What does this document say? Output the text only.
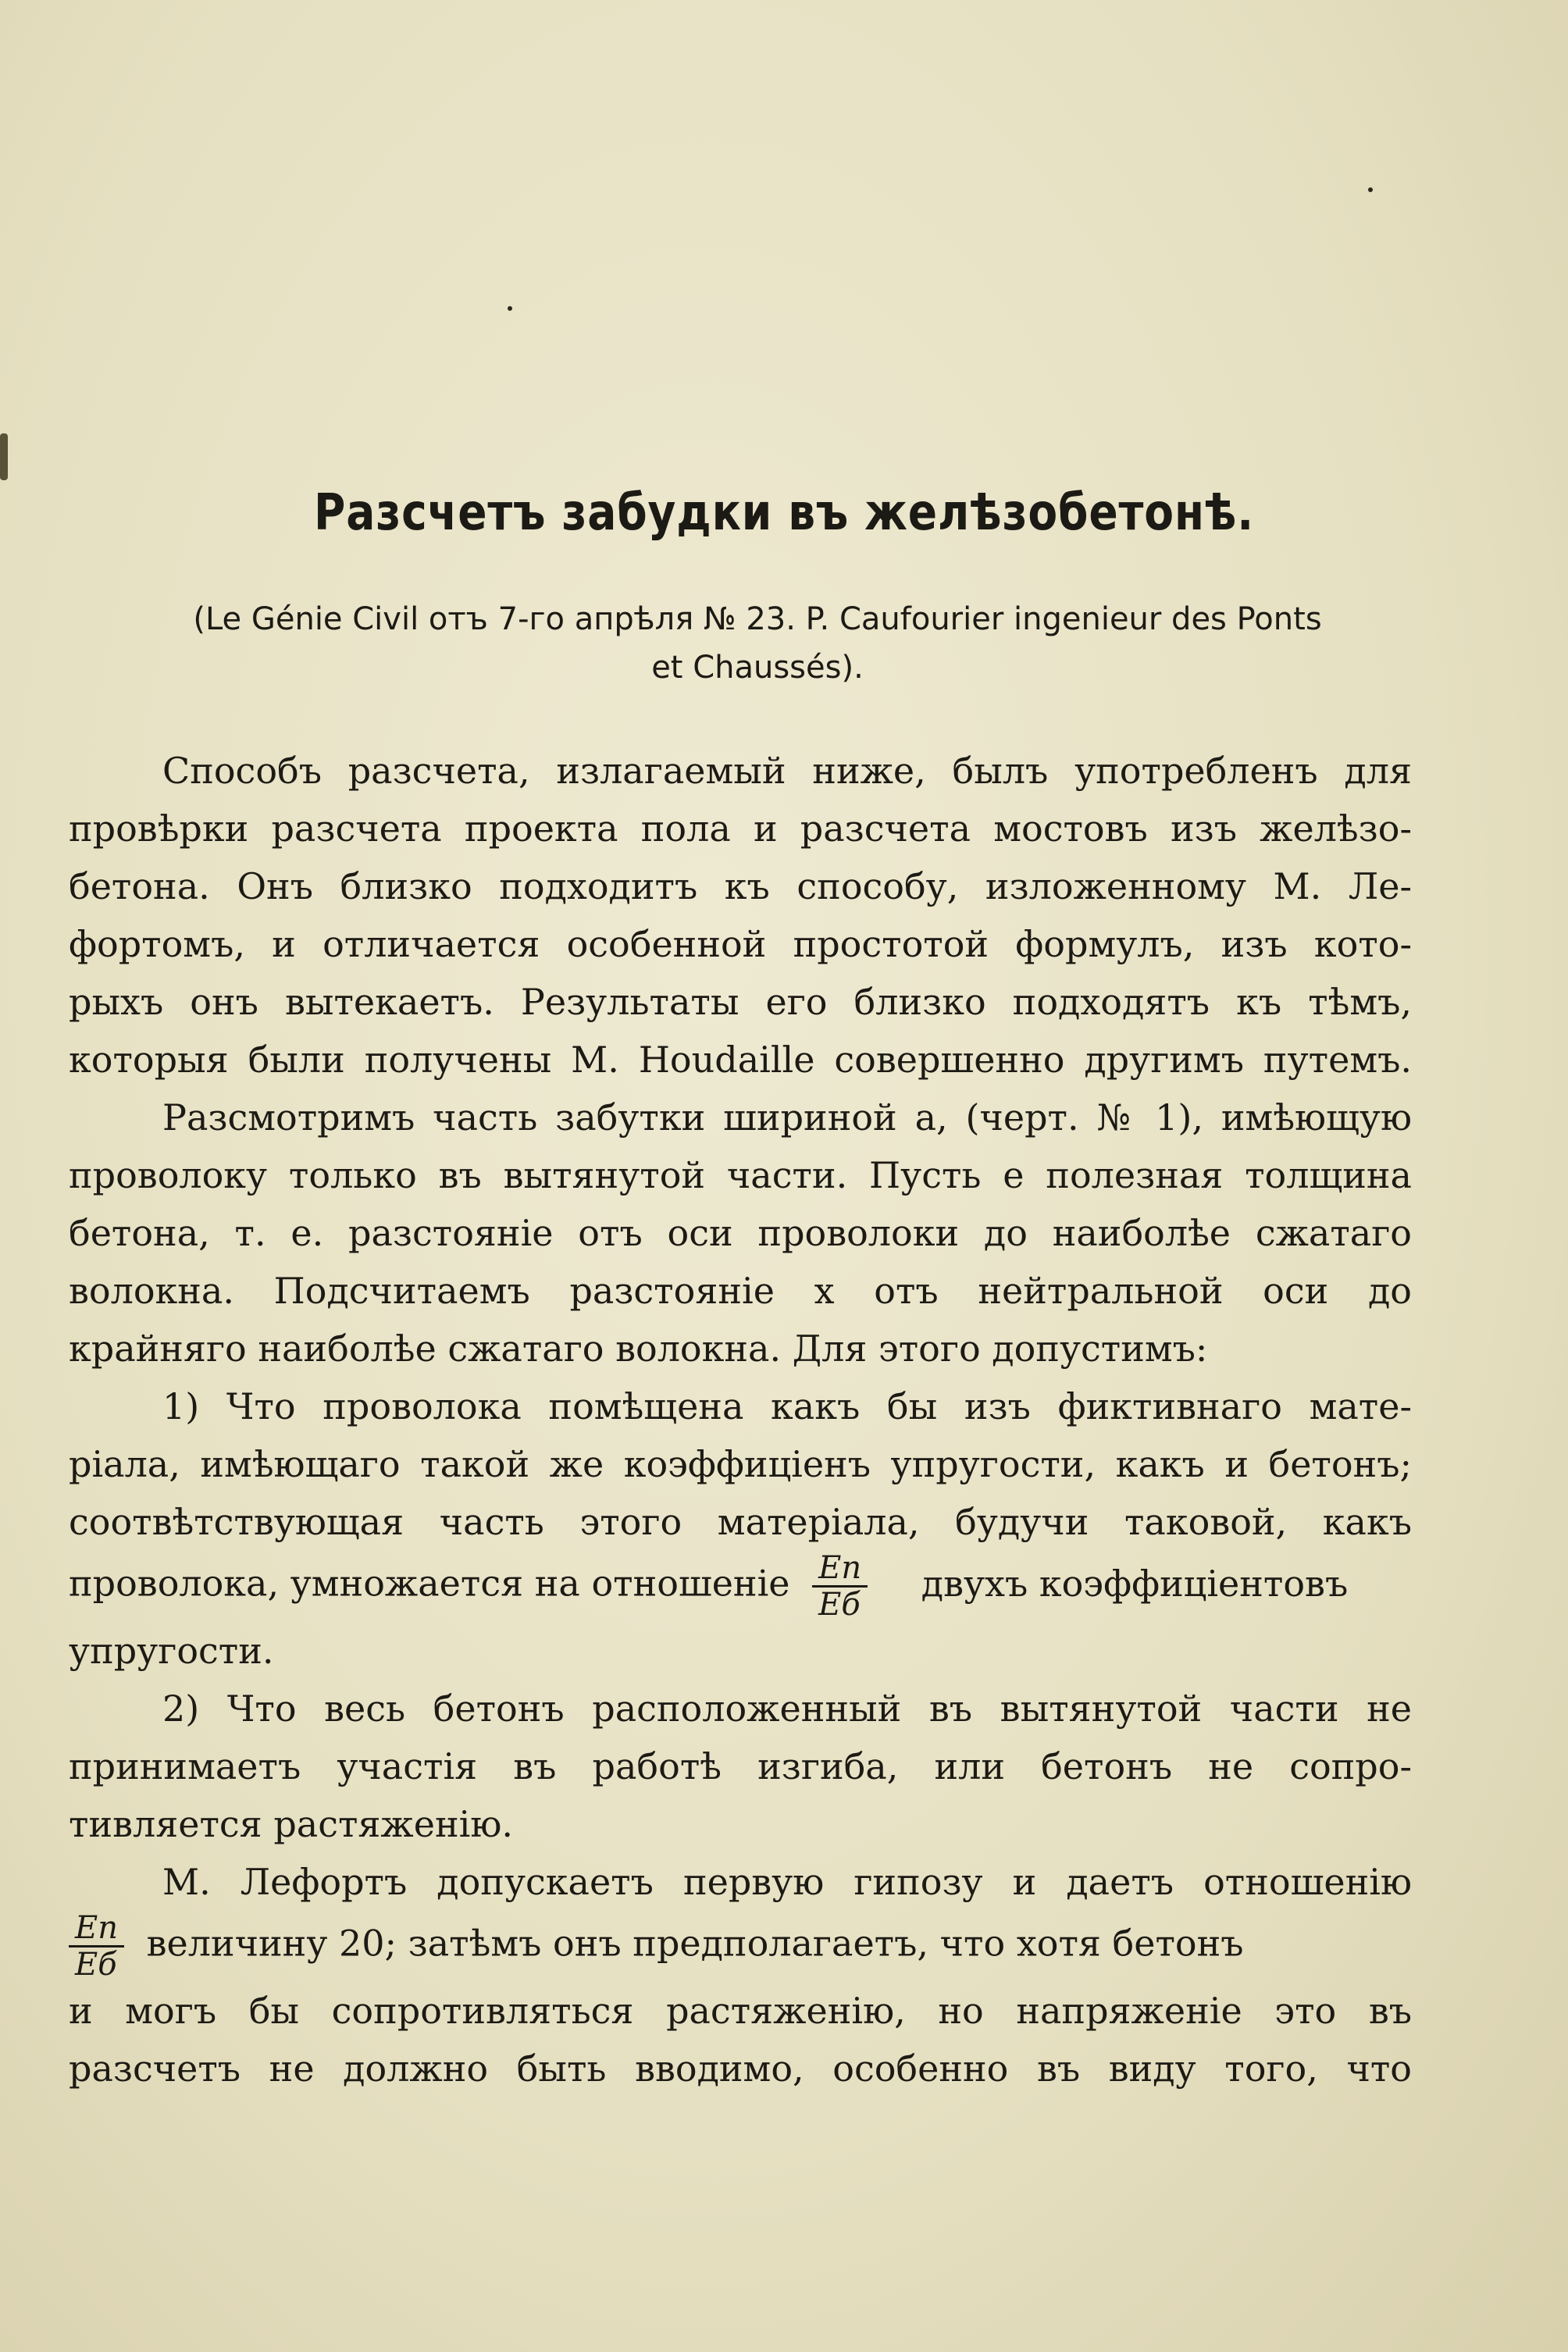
Разсчетъ забудки въ желѣзобетонѣ.
(Le Génie Civil отъ 7-го апрѣля № 23. P. Caufourier ingenieur des Ponts
et Chaussés).
Способъ разсчета, излагаемый ниже, былъ употребленъ для
провѣрки разсчета проекта пола и разсчета мостовъ изъ желѣзо-
бетона. Онъ близко подходитъ къ способу, изложенному М. Ле-
фортомъ, и отличается особенной простотой формулъ, изъ кото-
рыхъ онъ вытекаетъ. Результаты его близко подходятъ къ тѣмъ,
которыя были получены M. Houdaille совершенно другимъ путемъ.
Разсмотримъ часть забутки шириной a, (черт. № 1), имѣющую
проволоку только въ вытянутой части. Пусть e полезная толщина
бетона, т. е. разстояніе отъ оси проволоки до наиболѣе сжатаго
волокна. Подсчитаемъ разстояніе x отъ нейтральной оси до
крайняго наиболѣе сжатаго волокна. Для этого допустимъ:
1) Что проволока помѣщена какъ бы изъ фиктивнаго мате-
ріала, имѣющаго такой же коэффиціенъ упругости, какъ и бетонъ;
соотвѣтствующая часть этого матеріала, будучи таковой, какъ
проволока, умножается на отношеніе $\frac{Eп}{Eб}$ двухъ коэффиціентовъ
упругости.
2) Что весь бетонъ расположенный въ вытянутой части не
принимаетъ участія въ работѣ изгиба, или бетонъ не сопро-
тивляется растяженію.
М. Лефортъ допускаетъ первую гипозу и даетъ отношенію
$\frac{Eп}{Eб}$ величину 20; затѣмъ онъ предполагаетъ, что хотя бетонъ
и могъ бы сопротивляться растяженію, но напряженіе это въ
разсчетъ не должно быть вводимо, особенно въ виду того, что
